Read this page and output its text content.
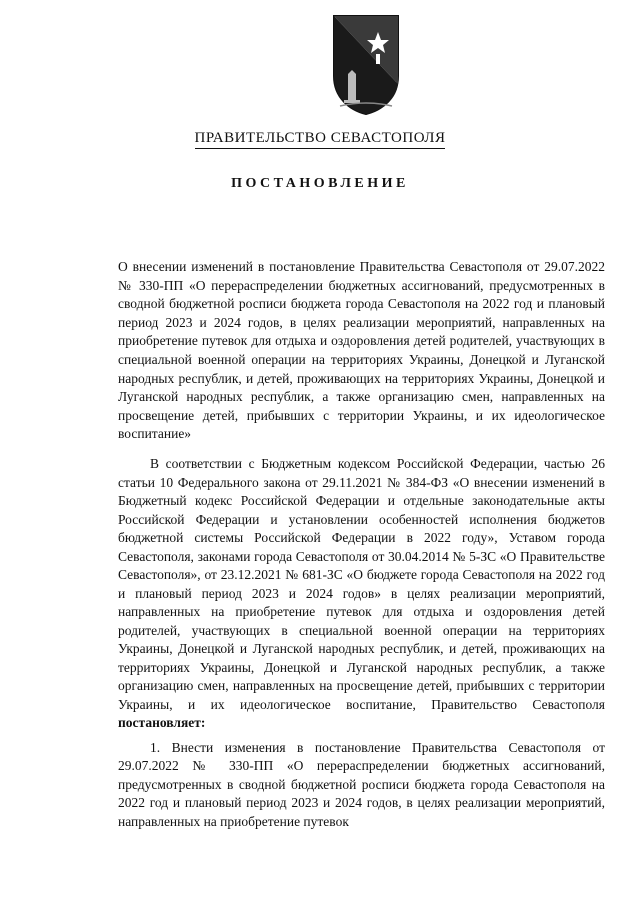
ПРАВИТЕЛЬСТВО СЕВАСТОПОЛЯ
ПОСТАНОВЛЕНИЕ
О внесении изменений в постановление Правительства Севастополя от 29.07.2022 № 330-ПП «О перераспределении бюджетных ассигнований, предусмотренных в сводной бюджетной росписи бюджета города Севастополя на 2022 год и плановый период 2023 и 2024 годов, в целях реализации мероприятий, направленных на приобретение путевок для отдыха и оздоровления детей родителей, участвующих в специальной военной операции на территориях Украины, Донецкой и Луганской народных республик, и детей, проживающих на территориях Украины, Донецкой и Луганской народных республик, а также организацию смен, направленных на просвещение детей, прибывших с территории Украины, и их идеологическое воспитание»
В соответствии с Бюджетным кодексом Российской Федерации, частью 26 статьи 10 Федерального закона от 29.11.2021 № 384-ФЗ «О внесении изменений в Бюджетный кодекс Российской Федерации и отдельные законодательные акты Российской Федерации и установлении особенностей исполнения бюджетов бюджетной системы Российской Федерации в 2022 году», Уставом города Севастополя, законами города Севастополя от 30.04.2014 № 5-ЗС «О Правительстве Севастополя», от 23.12.2021 № 681-ЗС «О бюджете города Севастополя на 2022 год и плановый период 2023 и 2024 годов» в целях реализации мероприятий, направленных на приобретение путевок для отдыха и оздоровления детей родителей, участвующих в специальной военной операции на территориях Украины, Донецкой и Луганской народных республик, и детей, проживающих на территориях Украины, Донецкой и Луганской народных республик, а также организацию смен, направленных на просвещение детей, прибывших с территории Украины, и их идеологическое воспитание, Правительство Севастополя постановляет:
1. Внести изменения в постановление Правительства Севастополя от 29.07.2022 № 330-ПП «О перераспределении бюджетных ассигнований, предусмотренных в сводной бюджетной росписи бюджета города Севастополя на 2022 год и плановый период 2023 и 2024 годов, в целях реализации мероприятий, направленных на приобретение путевок
